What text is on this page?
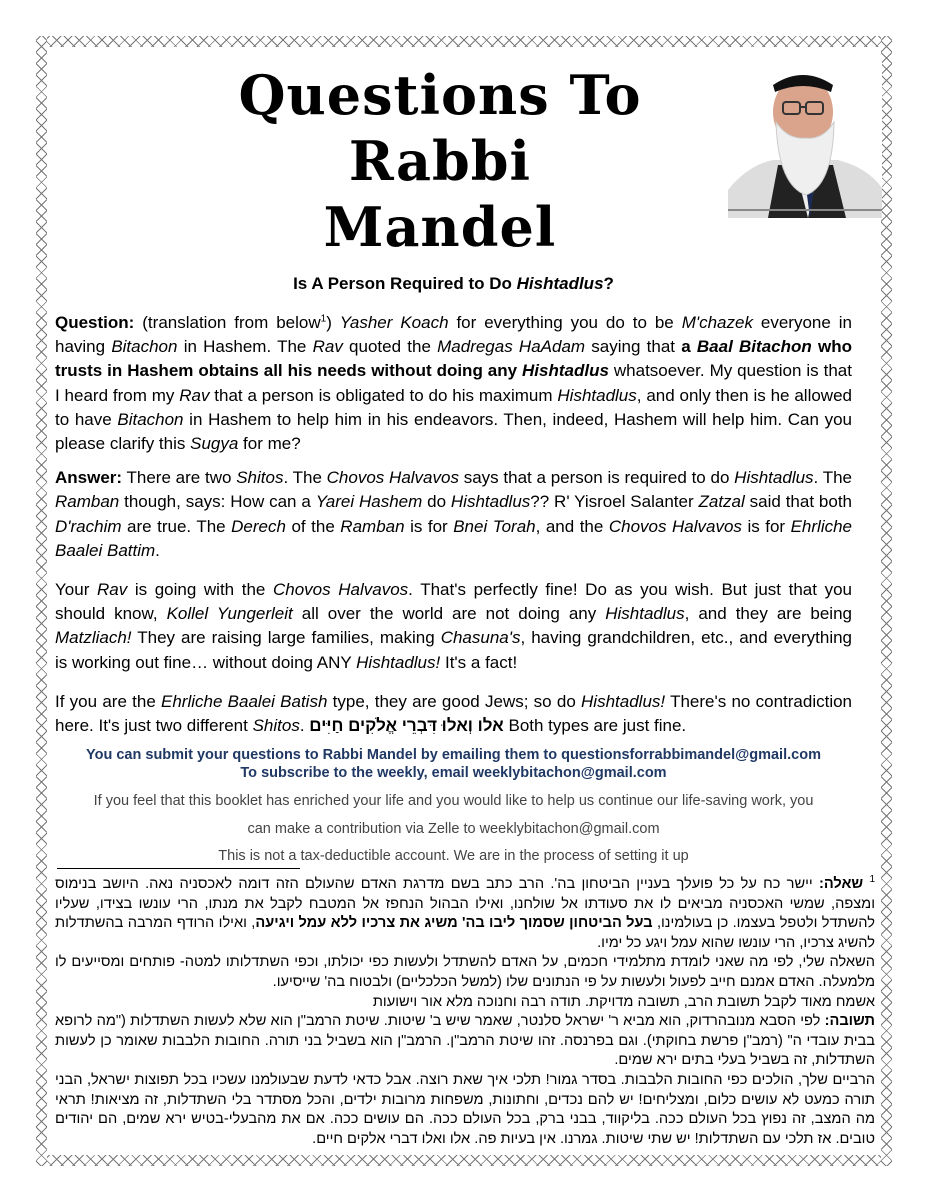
Questions To
Rabbi
Mandel
Is A Person Required to Do Hishtadlus?

Question: (translation from below$^1$) Yasher Koach for everything you do to be M'chazek everyone in having Bitachon in Hashem. The Rav quoted the Madregas HaAdam saying that a Baal Bitachon who trusts in Hashem obtains all his needs without doing any Hishtadlus whatsoever. My question is that I heard from my Rav that a person is obligated to do his maximum Hishtadlus, and only then is he allowed to have Bitachon in Hashem to help him in his endeavors. Then, indeed, Hashem will help him. Can you please clarify this Sugya for me?

Answer: There are two Shitos. The Chovos Halvavos says that a person is required to do Hishtadlus. The Ramban though, says: How can a Yarei Hashem do Hishtadlus?? R' Yisroel Salanter Zatzal said that both D'rachim are true. The Derech of the Ramban is for Bnei Torah, and the Chovos Halvavos is for Ehrliche Baalei Battim.

Your Rav is going with the Chovos Halvavos. That's perfectly fine! Do as you wish. But just that you should know, Kollel Yungerleit all over the world are not doing any Hishtadlus, and they are being Matzliach! They are raising large families, making Chasuna's, having grandchildren, etc., and everything is working out fine… without doing ANY Hishtadlus! It's a fact!

If you are the Ehrliche Baalei Batish type, they are good Jews; so do Hishtadlus! There's no contradiction here. It's just two different Shitos. אלו וְאלוּ דִּבְרֵי אֱלֹקִים חַיִּים Both types are just fine.

You can submit your questions to Rabbi Mandel by emailing them to questionsforrabbimandel@gmail.com
To subscribe to the weekly, email weeklybitachon@gmail.com
If you feel that this booklet has enriched your life and you would like to help us continue our life-saving work, you
can make a contribution via Zelle to weeklybitachon@gmail.com
This is not a tax-deductible account. We are in the process of setting it up

$^1$ שאלה: יישר כח על כל פועלך בעניין הביטחון בה'. הרב כתב בשם מדרגת האדם שהעולם הזה דומה לאכסניה נאה. היושב בנימוס ומצפה, שמשי האכסניה מביאים לו את סעודתו אל שולחנו, ואילו הבהול הנחפז אל המטבח לקבל את מנתו, הרי עונשו בצידו, שעליו להשתדל ולטפל בעצמו. כן בעולמינו, בעל הביטחון שסמוך ליבו בה' משיג את צרכיו ללא עמל ויגיעה, ואילו הרודף המרבה בהשתדלות להשיג צרכיו, הרי עונשו שהוא עמל ויגע כל ימיו.

השאלה שלי, לפי מה שאני לומדת מתלמידי חכמים, על האדם להשתדל ולעשות כפי יכולתו, וכפי השתדלותו למטה- פותחים ומסייעים לו מלמעלה. האדם אמנם חייב לפעול ולעשות על פי הנתונים שלו (למשל הכלכליים) ולבטוח בה' שייסיעו.

אשמח מאוד לקבל תשובת הרב, תשובה מדויקת. תודה רבה וחנוכה מלא אור וישועות

תשובה: לפי הסבא מנובהרדוק, הוא מביא ר' ישראל סלנטר, שאמר שיש ב' שיטות. שיטת הרמב"ן הוא שלא לעשות השתדלות ("מה לרופא בבית עובדי ה" (רמב"ן פרשת בחוקתי). וגם בפרנסה. זהו שיטת הרמב"ן. הרמב"ן הוא בשביל בני תורה. החובות הלבבות שאומר כן לעשות השתדלות, זה בשביל בעלי בתים ירא שמים.

הרביים שלך, הולכים כפי החובות הלבבות. בסדר גמור! תלכי איך שאת רוצה. אבל כדאי לדעת שבעולמנו עשכיו בכל תפוצות ישראל, הבני תורה כמעט לא עושים כלום, ומצליחים! יש להם נכדים, וחתונות, משפחות מרובות ילדים, והכל מסתדר בלי השתדלות, זה מציאות! תראי מה המצב, זה נפוץ בכל העולם ככה. בליקווד, בבני ברק, בכל העולם ככה. הם עושים ככה. אם את מהבעלי-בטיש ירא שמים, הם יהודים טובים. אז תלכי עם השתדלות! יש שתי שיטות. גמרנו. אין בעיות פה. אלו ואלו דברי אלקים חיים.
